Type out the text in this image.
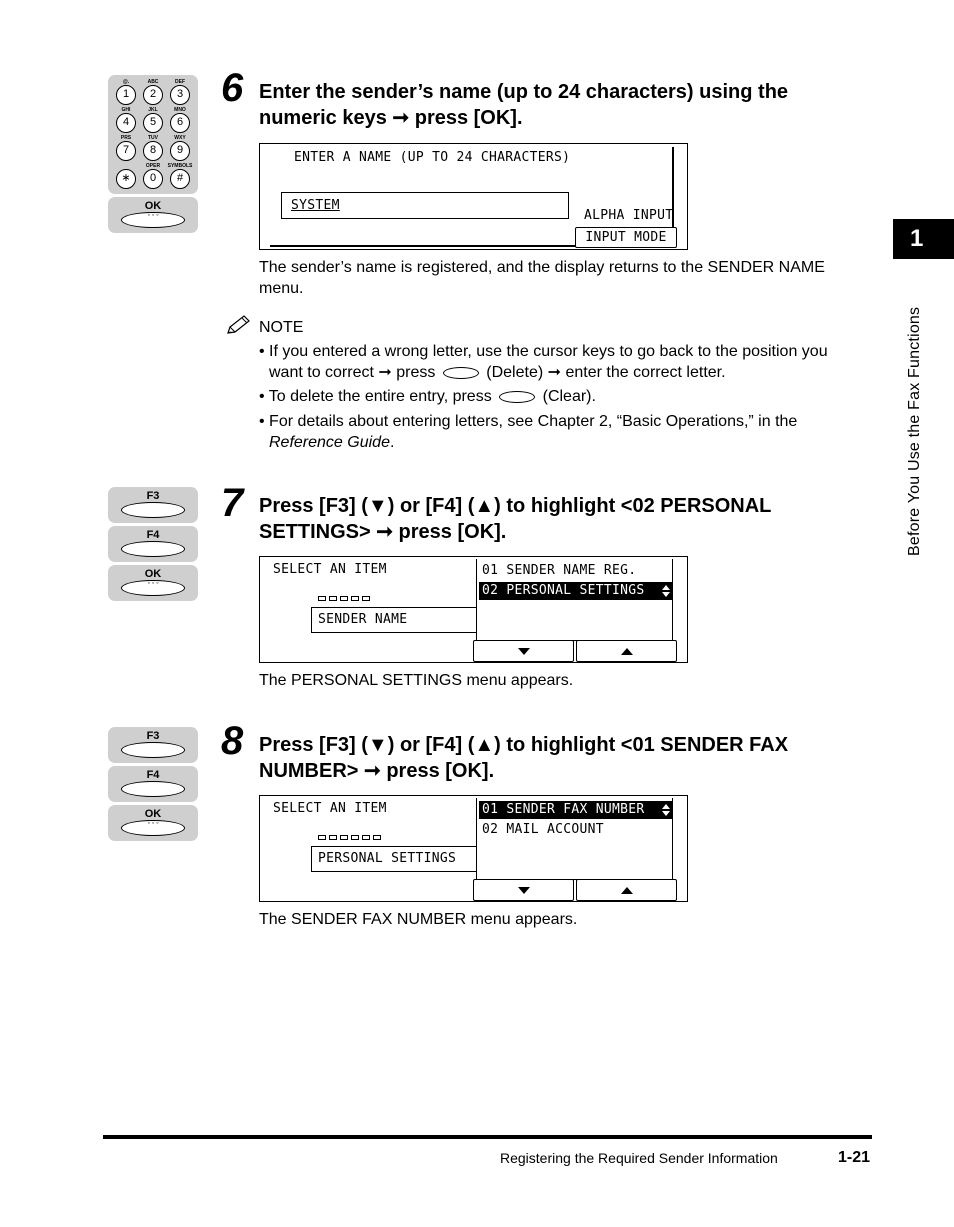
1
Before You Use the Fax Functions
@.
1
ABC
2
DEF
3
GHI
4
JKL
5
MNO
6
PRS
7
TUV
8
WXY
9
∗
OPER
0
SYMBOLS
#
OK
◦ ◦ ◦
6 Enter the sender’s name (up to 24 characters) using the
numeric keys ➞ press [OK].
ENTER A NAME (UP TO 24 CHARACTERS)
SYSTEM
ALPHA INPUT
INPUT MODE
The sender’s name is registered, and the display returns to the SENDER NAME
menu.
NOTE
• If you entered a wrong letter, use the cursor keys to go back to the position you
want to correct ➞ press	(Delete) ➞ enter the correct letter.
• To delete the entire entry, press	(Clear).
• For details about entering letters, see Chapter 2, “Basic Operations,” in the
Reference Guide.
F3
F4
OK
◦ ◦ ◦
7 Press [F3] (▼) or [F4] (▲) to highlight <02 PERSONAL
SETTINGS> ➞ press [OK].
SELECT AN ITEM
SENDER NAME
01 SENDER NAME REG.
02 PERSONAL SETTINGS
The PERSONAL SETTINGS menu appears.
F3
F4
OK
◦ ◦ ◦
8 Press [F3] (▼) or [F4] (▲) to highlight <01 SENDER FAX
NUMBER> ➞ press [OK].
SELECT AN ITEM
PERSONAL SETTINGS
01 SENDER FAX NUMBER
02 MAIL ACCOUNT
The SENDER FAX NUMBER menu appears.
Registering the Required Sender Information	1-21
